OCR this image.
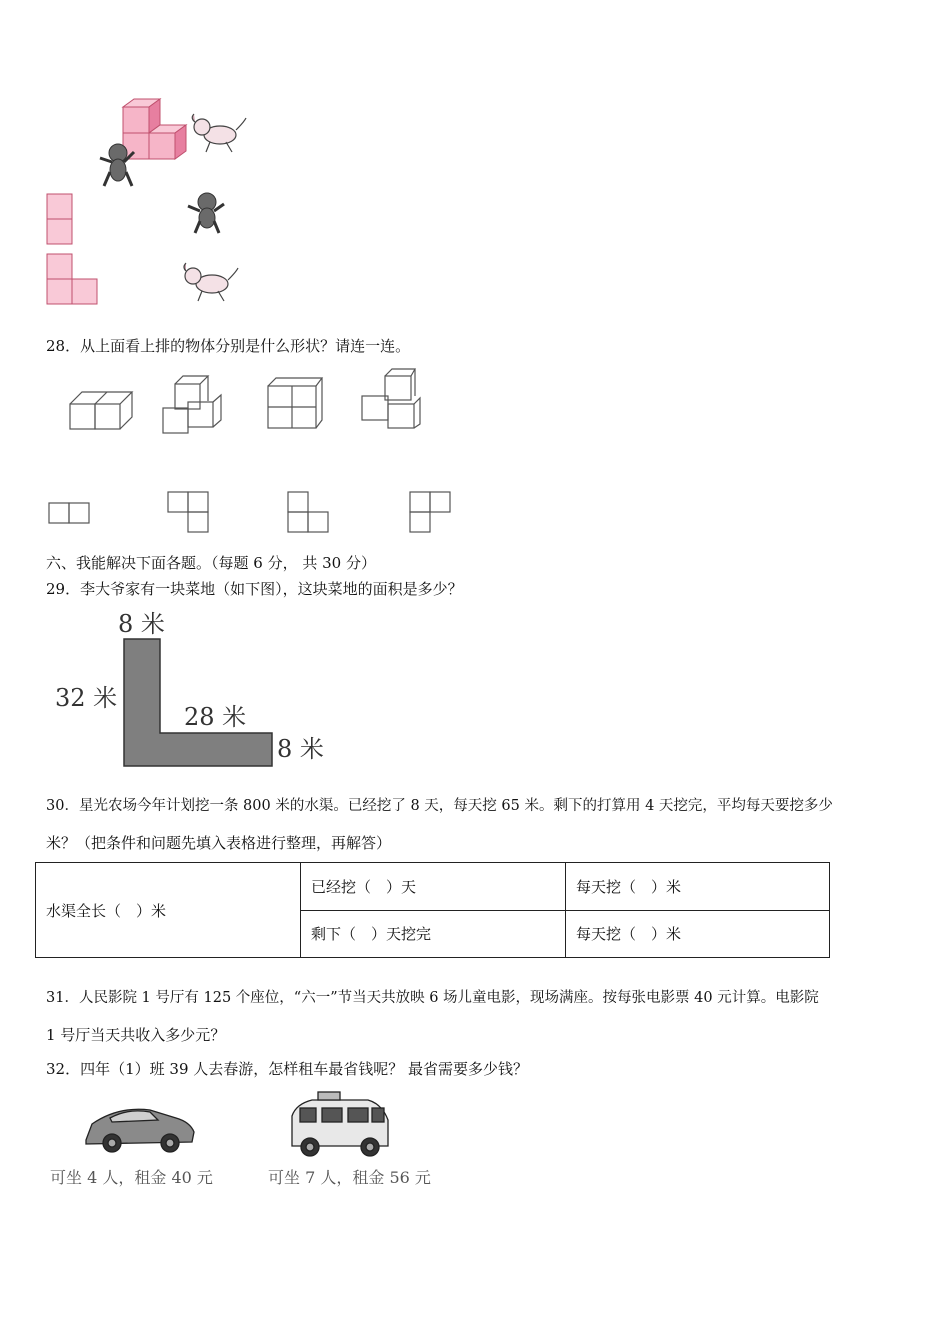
28．从上面看上排的物体分别是什么形状？请连一连。
六、我能解决下面各题。（每题 6 分， 共 30 分）
29．李大爷家有一块菜地（如下图），这块菜地的面积是多少？
8 米
32 米
28 米
8 米
30．星光农场今年计划挖一条 800 米的水渠。已经挖了 8 天，每天挖 65 米。剩下的打算用 4 天挖完，平均每天要挖多少
米？（把条件和问题先填入表格进行整理，再解答）
水渠全长（　）米	已经挖（　）天	每天挖（　）米
	剩下（　）天挖完	每天挖（　）米
31．人民影院 1 号厅有 125 个座位，“六一”节当天共放映 6 场儿童电影，现场满座。按每张电影票 40 元计算。电影院
1 号厅当天共收入多少元？
32．四年（1）班 39 人去春游，怎样租车最省钱呢？ 最省需要多少钱？
可坐 4 人，租金 40 元	可坐 7 人，租金 56 元
